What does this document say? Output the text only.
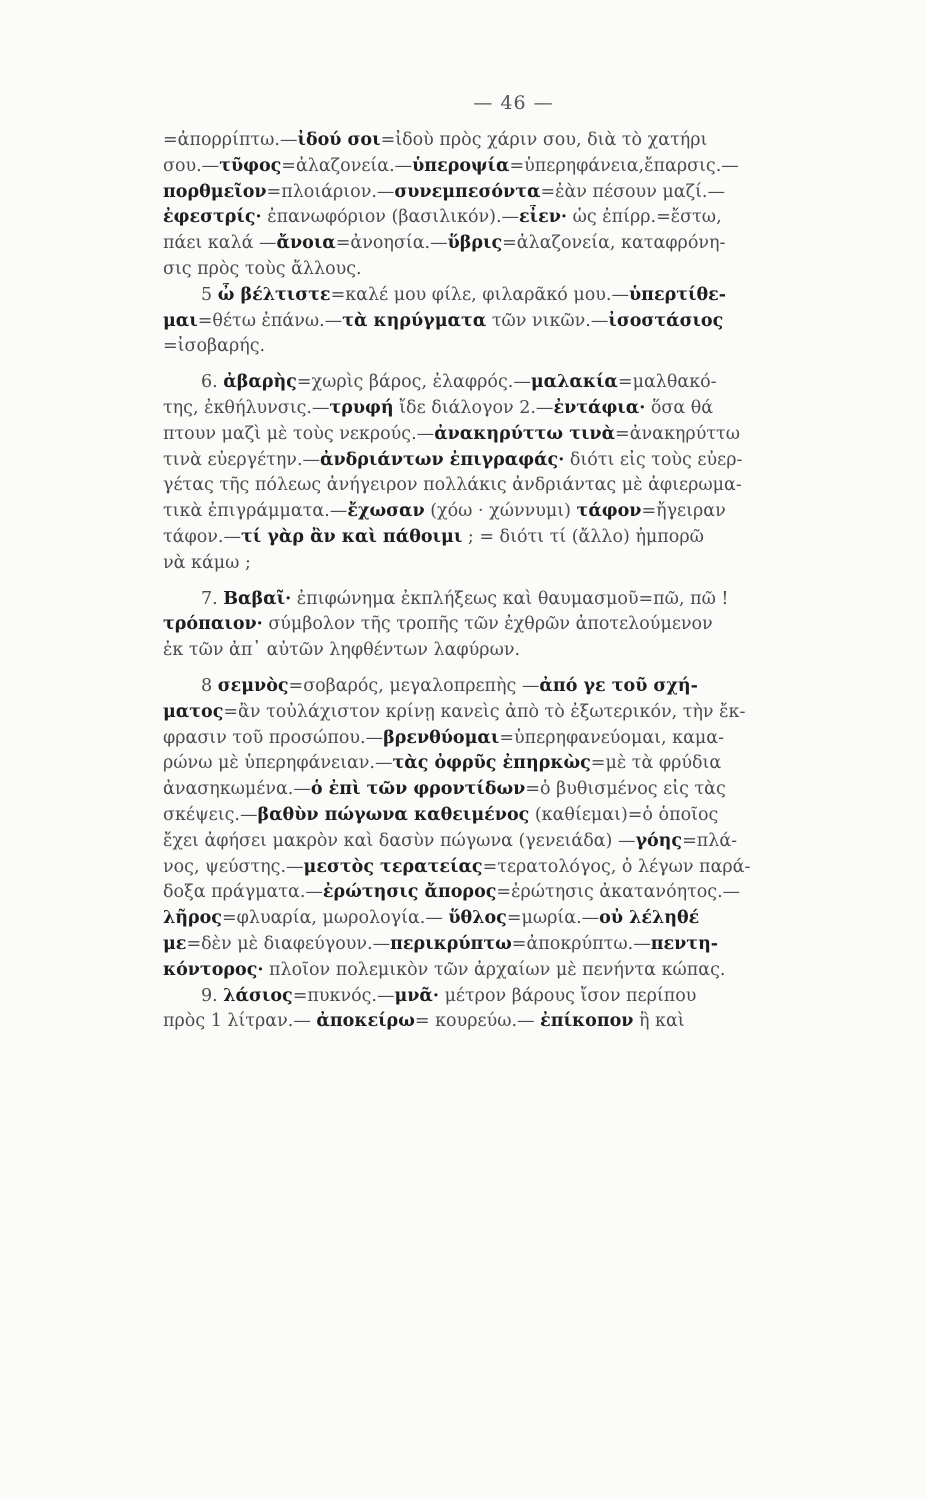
— 46 —
=ἀπορρίπτω.—ἰδού σοι=ἰδοὺ πρὸς χάριν σου, διὰ τὸ χατήρι
σου.—τῦφος=ἀλαζονεία.—ὑπεροψία=ὑπερηφάνεια,ἔπαρσις.—
πορθμεῖον=πλοιάριον.—συνεμπεσόντα=ἐὰν πέσουν μαζί.—
ἐφεστρίς· ἐπανωφόριον (βασιλικόν).—εἶεν· ὡς ἐπίρρ.=ἔστω,
πάει καλά —ἄνοια=ἀνοησία.—ὕβρις=ἀλαζονεία, καταφρόνη-
σις πρὸς τοὺς ἄλλους.
5 ὦ βέλτιστε=καλέ μου φίλε, φιλαρᾶκό μου.—ὑπερτίθε-
μαι=θέτω ἐπάνω.—τὰ κηρύγματα τῶν νικῶν.—ἰσοστάσιος
=ἰσοβαρής.
6. ἀβαρὴς=χωρὶς βάρος, ἐλαφρός.—μαλακία=μαλθακό-
της, ἐκθήλυνσις.—τρυφή ἴδε διάλογον 2.—ἐντάφια· ὅσα θά
πτουν μαζὶ μὲ τοὺς νεκρούς.—ἀνακηρύττω τινὰ=ἀνακηρύττω
τινὰ εὐεργέτην.—ἀνδριάντων ἐπιγραφάς· διότι εἰς τοὺς εὐερ-
γέτας τῆς πόλεως ἀνήγειρον πολλάκις ἀνδριάντας μὲ ἀφιερωμα-
τικὰ ἐπιγράμματα.—ἔχωσαν (χόω · χώννυμι) τάφον=ἤγειραν
τάφον.—τί γὰρ ἂν καὶ πάθοιμι ; = διότι τί (ἄλλο) ἠμπορῶ
νὰ κάμω ;
7. Βαβαῖ· ἐπιφώνημα ἐκπλήξεως καὶ θαυμασμοῦ=πῶ, πῶ !
τρόπαιον· σύμβολον τῆς τροπῆς τῶν ἐχθρῶν ἀποτελούμενον
ἐκ τῶν ἀπ᾽ αὐτῶν ληφθέντων λαφύρων.
8 σεμνὸς=σοβαρός, μεγαλοπρεπὴς —ἀπό γε τοῦ σχή-
ματος=ἂν τοὐλάχιστον κρίνῃ κανεὶς ἀπὸ τὸ ἐξωτερικόν, τὴν ἔκ-
φρασιν τοῦ προσώπου.—βρενθύομαι=ὑπερηφανεύομαι, καμα-
ρώνω μὲ ὑπερηφάνειαν.—τὰς ὀφρῦς ἐπηρκὼς=μὲ τὰ φρύδια
ἀνασηκωμένα.—ὁ ἐπὶ τῶν φροντίδων=ὁ βυθισμένος εἰς τὰς
σκέψεις.—βαθὺν πώγωνα καθειμένος (καθίεμαι)=ὁ ὁποῖος
ἔχει ἀφήσει μακρὸν καὶ δασὺν πώγωνα (γενειάδα) —γόης=πλά-
νος, ψεύστης.—μεστὸς τερατείας=τερατολόγος, ὁ λέγων παρά-
δοξα πράγματα.—ἐρώτησις ἄπορος=ἐρώτησις ἀκατανόητος.—
λῆρος=φλυαρία, μωρολογία.— ὕθλος=μωρία.—οὐ λέληθέ
με=δὲν μὲ διαφεύγουν.—περικρύπτω=ἀποκρύπτω.—πεντη-
κόντορος· πλοῖον πολεμικὸν τῶν ἀρχαίων μὲ πενήντα κώπας.
9. λάσιος=πυκνός.—μνᾶ· μέτρον βάρους ἴσον περίπου
πρὸς 1 λίτραν.— ἀποκείρω= κουρεύω.— ἐπίκοπον ἢ καὶ
